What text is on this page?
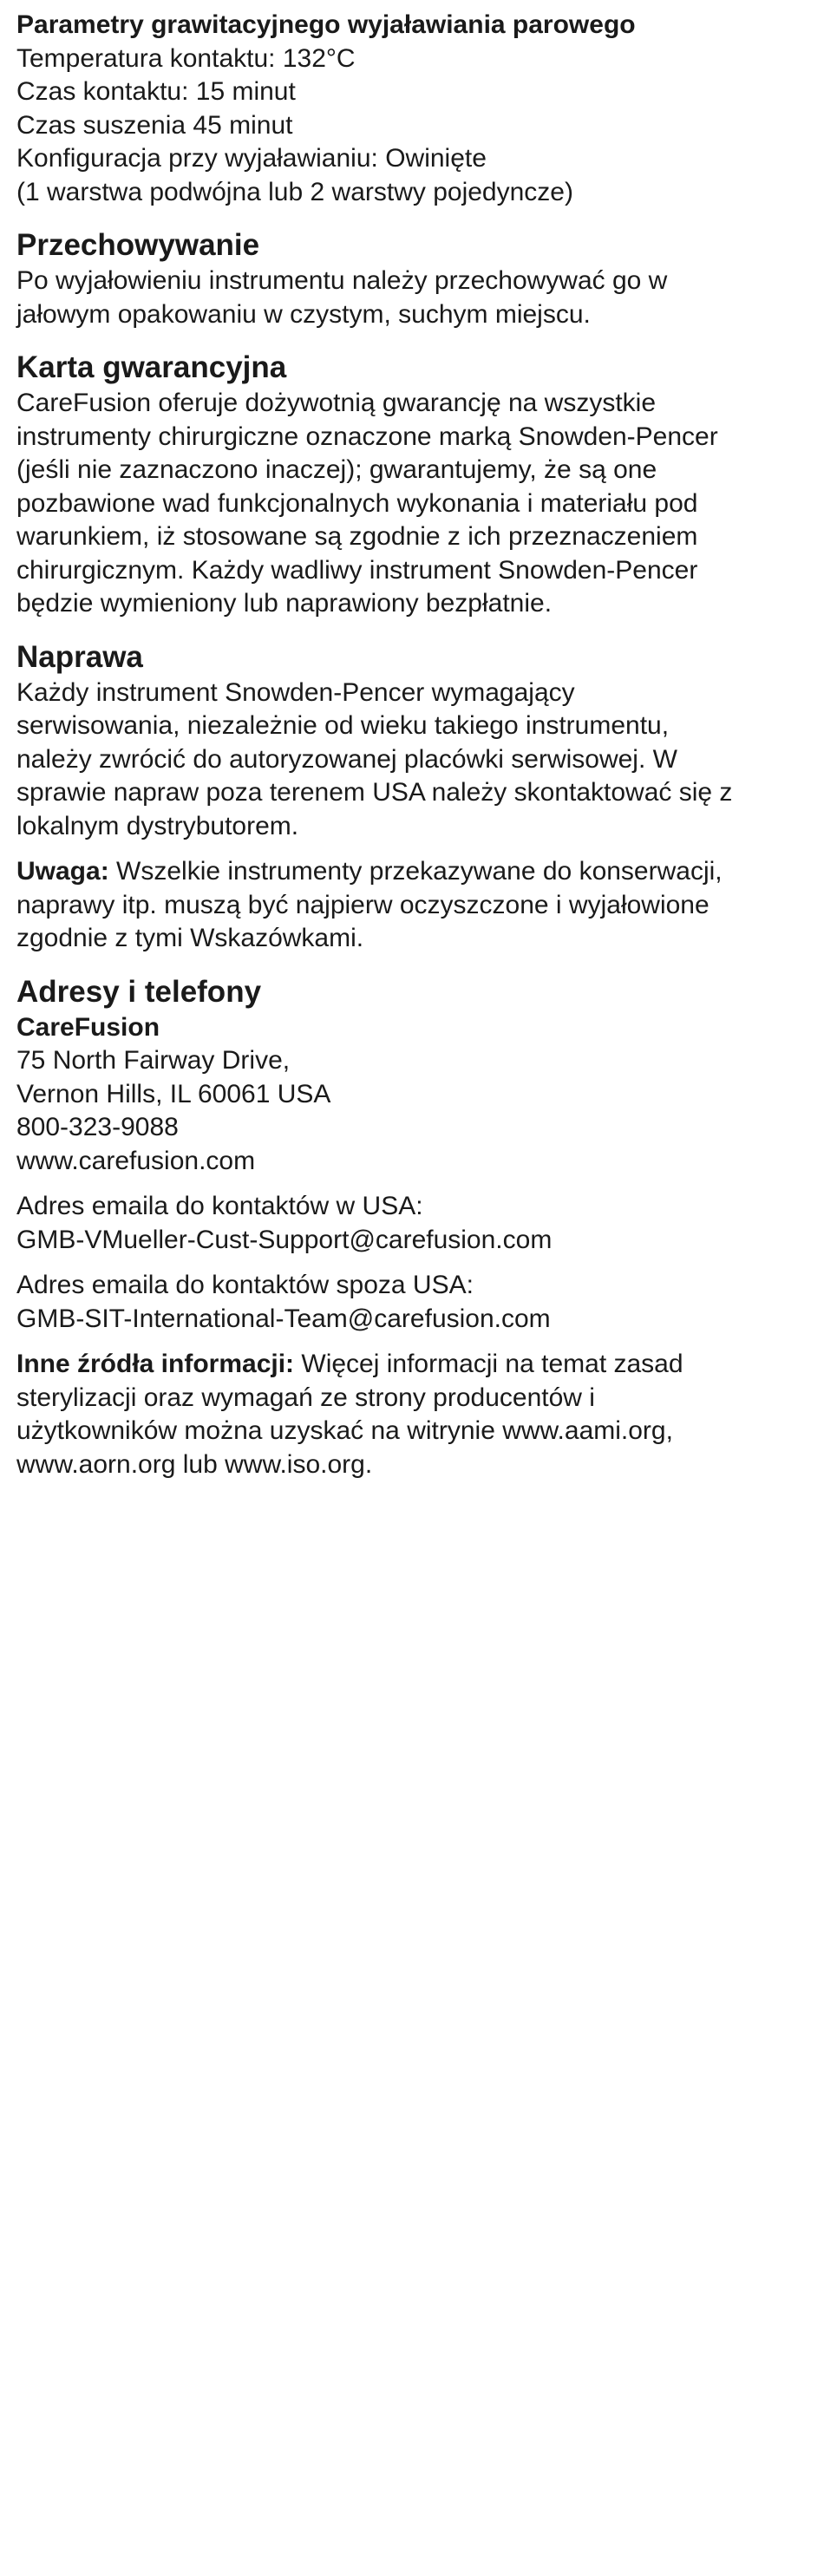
Parametry grawitacyjnego wyjaławiania parowego
Temperatura kontaktu: 132°C
Czas kontaktu: 15 minut
Czas suszenia 45 minut
Konfiguracja przy wyjaławianiu: Owinięte
(1 warstwa podwójna lub 2 warstwy pojedyncze)
Przechowywanie
Po wyjałowieniu instrumentu należy przechowywać go w
jałowym opakowaniu w czystym, suchym miejscu.
Karta gwarancyjna
CareFusion oferuje dożywotnią gwarancję na wszystkie
instrumenty chirurgiczne oznaczone marką Snowden-Pencer
(jeśli nie zaznaczono inaczej); gwarantujemy, że są one
pozbawione wad funkcjonalnych wykonania i materiału pod
warunkiem, iż stosowane są zgodnie z ich przeznaczeniem
chirurgicznym. Każdy wadliwy instrument Snowden-Pencer
będzie wymieniony lub naprawiony bezpłatnie.
Naprawa
Każdy instrument Snowden-Pencer wymagający
serwisowania, niezależnie od wieku takiego instrumentu,
należy zwrócić do autoryzowanej placówki serwisowej. W
sprawie napraw poza terenem USA należy skontaktować się z
lokalnym dystrybutorem.
Uwaga: Wszelkie instrumenty przekazywane do konserwacji,
naprawy itp. muszą być najpierw oczyszczone i wyjałowione
zgodnie z tymi Wskazówkami.
Adresy i telefony
CareFusion
75 North Fairway Drive,
Vernon Hills, IL 60061 USA
800-323-9088
www.carefusion.com
Adres emaila do kontaktów w USA:
GMB-VMueller-Cust-Support@carefusion.com
Adres emaila do kontaktów spoza USA:
GMB-SIT-International-Team@carefusion.com
Inne źródła informacji: Więcej informacji na temat zasad
sterylizacji oraz wymagań ze strony producentów i
użytkowników można uzyskać na witrynie www.aami.org,
www.aorn.org lub www.iso.org.
